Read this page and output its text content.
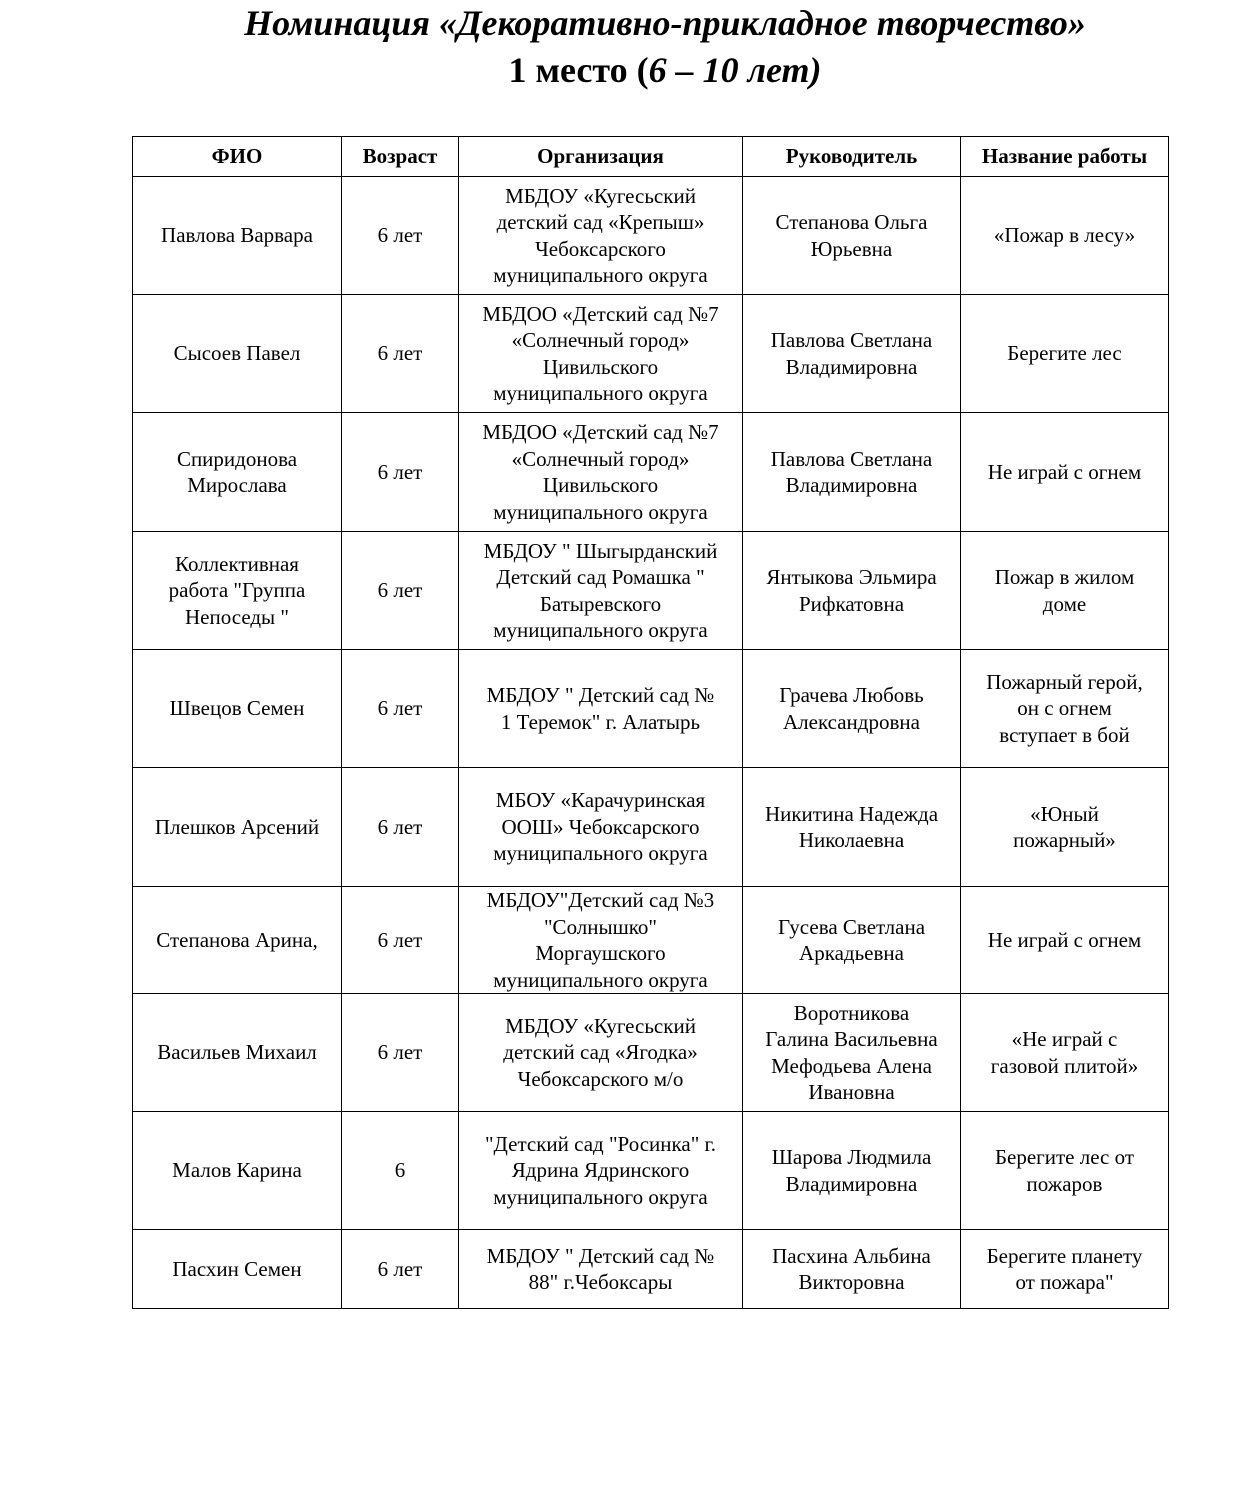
Номинация «Декоративно-прикладное творчество»
1 место (6 – 10 лет)
ФИО	Возраст	Организация	Руководитель	Название работы

Павлова Варвара	6 лет	МБДОУ «Кугесьский
детский сад «Крепыш»
Чебоксарского
муниципального округа	Степанова Ольга
Юрьевна	«Пожар в лесу»

Сысоев Павел	6 лет	МБДОО «Детский сад №7
«Солнечный город»
Цивильского
муниципального округа	Павлова Светлана
Владимировна	Берегите лес

Спиридонова
Мирослава	6 лет	МБДОО «Детский сад №7
«Солнечный город»
Цивильского
муниципального округа	Павлова Светлана
Владимировна	Не играй с огнем

Коллективная
работа "Группа
Непоседы "	6 лет	МБДОУ " Шыгырданский
Детский сад Ромашка "
Батыревского
муниципального округа	Янтыкова Эльмира
Рифкатовна	Пожар в жилом
доме

Швецов Семен	6 лет	МБДОУ " Детский сад №
1 Теремок" г. Алатырь	Грачева Любовь
Александровна	Пожарный герой,
он с огнем
вступает в бой

Плешков Арсений	6 лет	МБОУ «Карачуринская
ООШ» Чебоксарского
муниципального округа	Никитина Надежда
Николаевна	«Юный
пожарный»

Степанова Арина,	6 лет	МБДОУ"Детский сад №3
"Солнышко"
Моргаушского
муниципального округа	Гусева Светлана
Аркадьевна	Не играй с огнем

Васильев Михаил	6 лет	МБДОУ «Кугесьский
детский сад «Ягодка»
Чебоксарского м/о	Воротникова
Галина Васильевна
Мефодьева Алена
Ивановна	«Не играй с
газовой плитой»

Малов Карина	6	"Детский сад "Росинка" г.
Ядрина Ядринского
муниципального округа	Шарова Людмила
Владимировна	Берегите лес от
пожаров

Пасхин Семен	6 лет	МБДОУ " Детский сад №
88" г.Чебоксары	Пасхина Альбина
Викторовна	Берегите планету
от пожара"
